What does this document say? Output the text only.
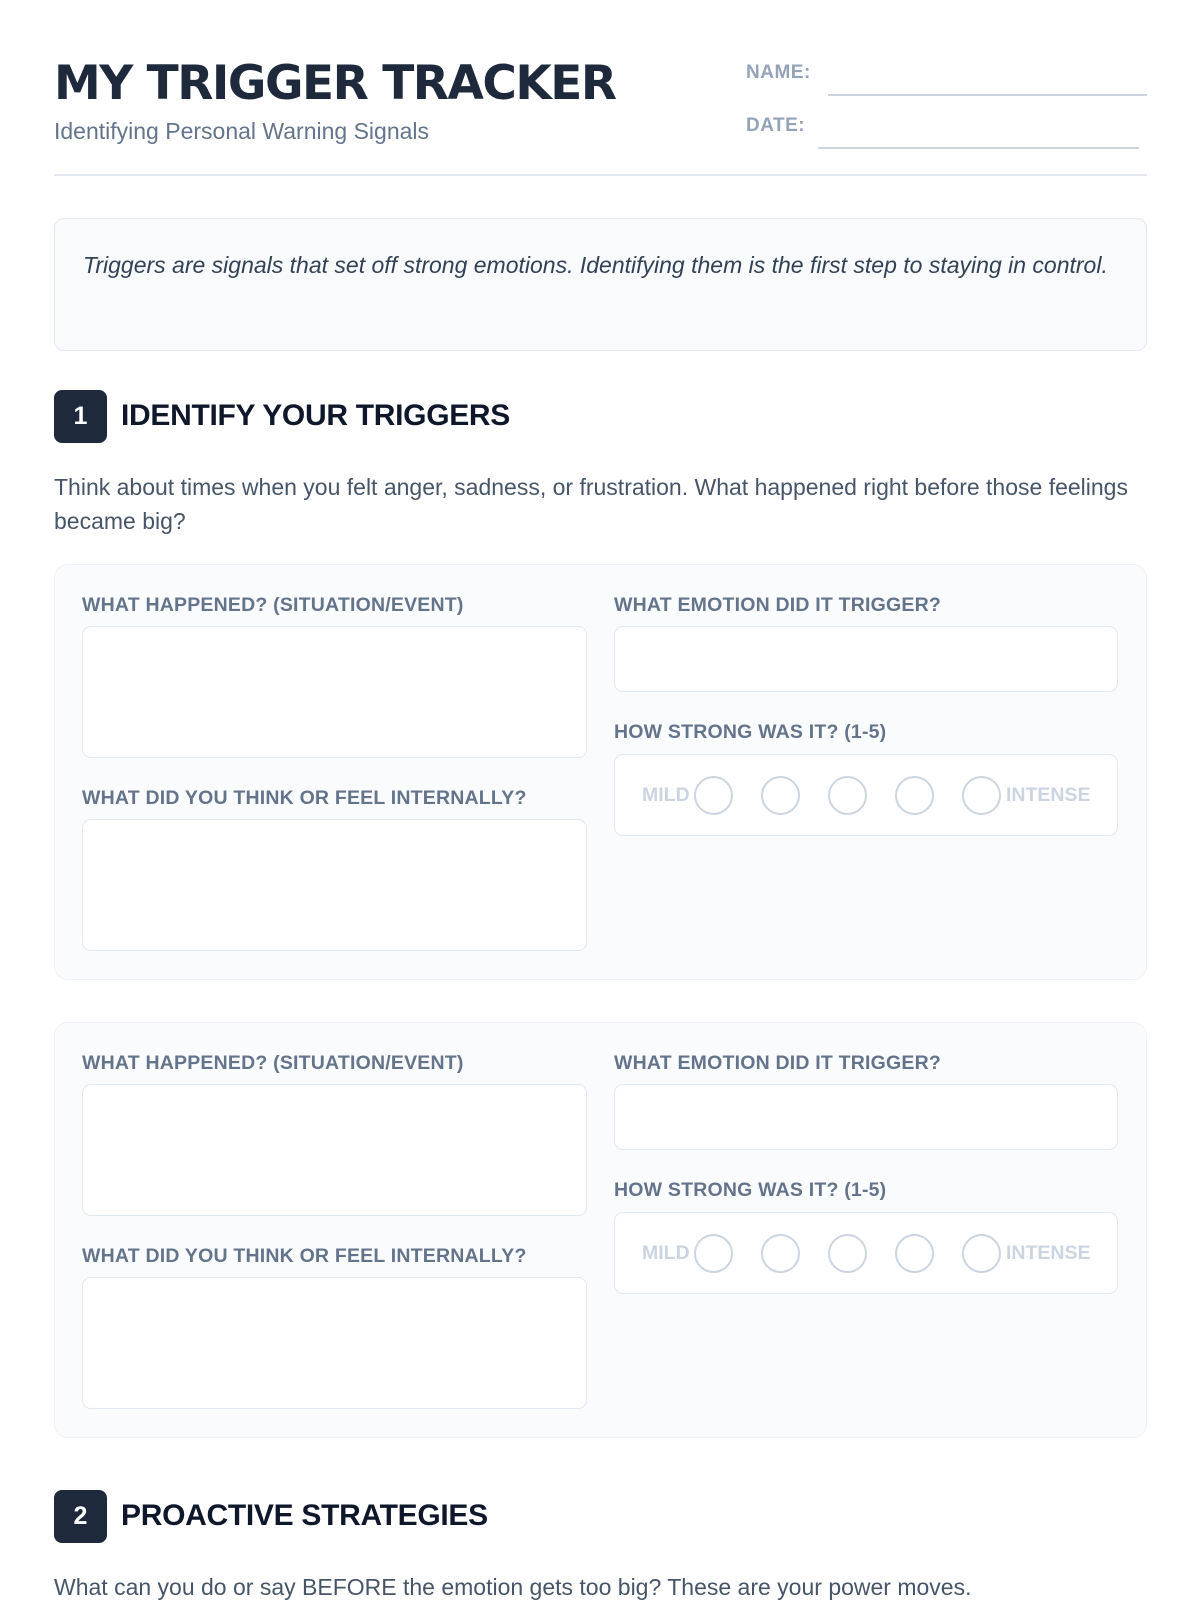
MY TRIGGER TRACKER
Identifying Personal Warning Signals
NAME:
DATE:

Triggers are signals that set off strong emotions. Identifying them is the first step to staying in control.

1	IDENTIFY YOUR TRIGGERS
Think about times when you felt anger, sadness, or frustration. What happened right before those feelings became big?
WHAT HAPPENED? (SITUATION/EVENT)	WHAT EMOTION DID IT TRIGGER?
HOW STRONG WAS IT? (1-5)
MILD	INTENSE
WHAT DID YOU THINK OR FEEL INTERNALLY?
WHAT HAPPENED? (SITUATION/EVENT)	WHAT EMOTION DID IT TRIGGER?
HOW STRONG WAS IT? (1-5)
MILD	INTENSE
WHAT DID YOU THINK OR FEEL INTERNALLY?
2	PROACTIVE STRATEGIES
What can you do or say BEFORE the emotion gets too big? These are your power moves.
